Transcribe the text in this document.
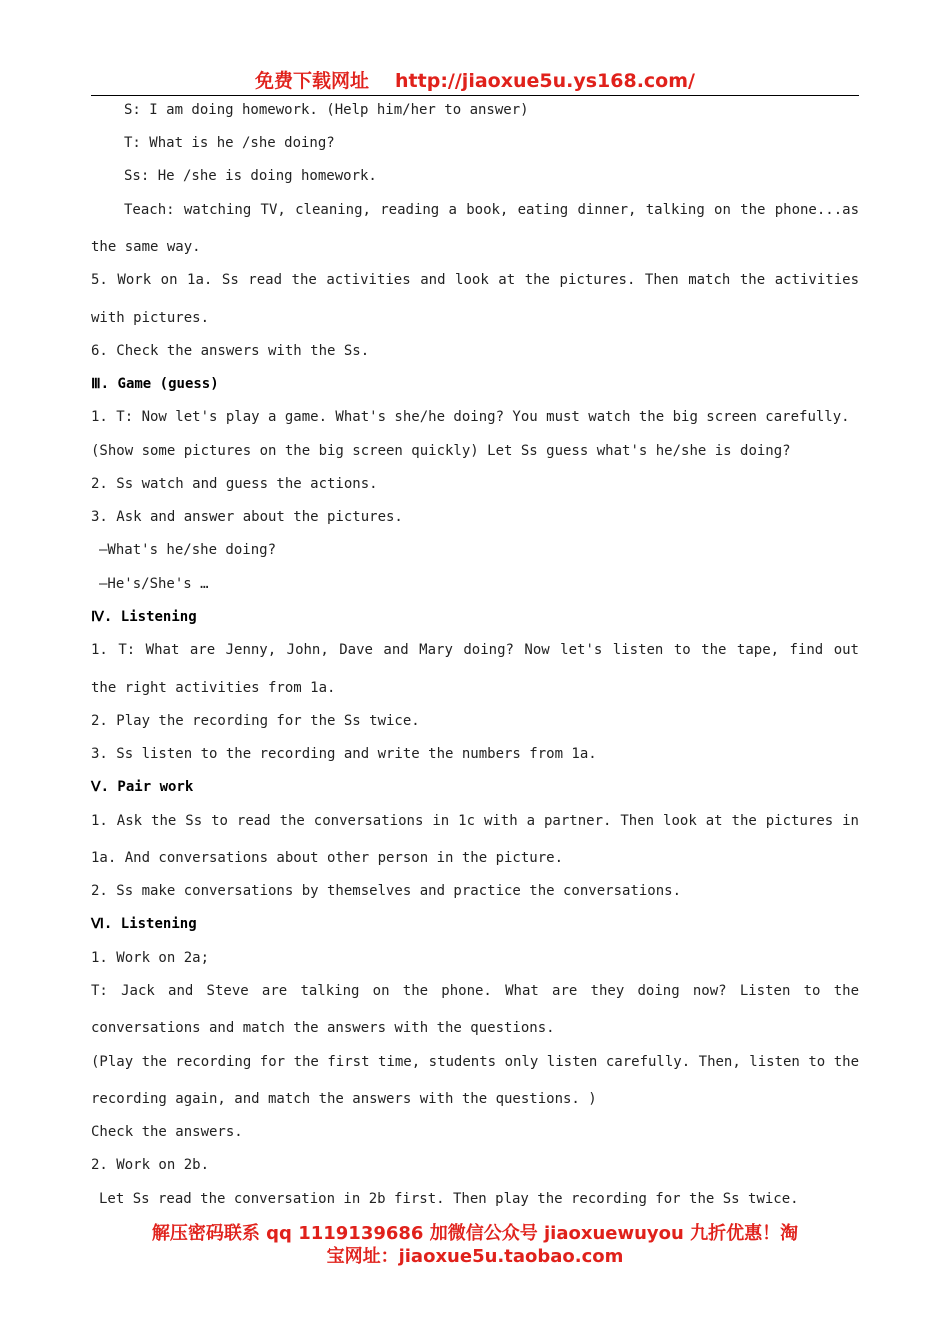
免费下载网址 http://jiaoxue5u.ys168.com/
S: I am doing homework. (Help him/her to answer)
T: What is he /she doing?
Ss: He /she is doing homework.
Teach: watching TV, cleaning, reading a book, eating dinner, talking on the phone...as
the same way.
5. Work on 1a. Ss read the activities and look at the pictures. Then match the activities
with pictures.
6. Check the answers with the Ss.
Ⅲ. Game (guess)
1. T: Now let's play a game. What's she/he doing? You must watch the big screen carefully.
(Show some pictures on the big screen quickly) Let Ss guess what's he/she is doing?
2. Ss watch and guess the actions.
3. Ask and answer about the pictures.
—What's he/she doing?
—He's/She's …
Ⅳ. Listening
1. T: What are Jenny, John, Dave and Mary doing? Now let's listen to the tape, find out
the right activities from 1a.
2. Play the recording for the Ss twice.
3. Ss listen to the recording and write the numbers from 1a.
Ⅴ. Pair work
1. Ask the Ss to read the conversations in 1c with a partner. Then look at the pictures in
1a. And conversations about other person in the picture.
2. Ss make conversations by themselves and practice the conversations.
Ⅵ. Listening
1. Work on 2a;
T: Jack and Steve are talking on the phone. What are they doing now? Listen to the
conversations and match the answers with the questions.
(Play the recording for the first time, students only listen carefully. Then, listen to the
recording again, and match the answers with the questions. )
Check the answers.
2. Work on 2b.
Let Ss read the conversation in 2b first. Then play the recording for the Ss twice.
解压密码联系 qq 1119139686 加微信公众号 jiaoxuewuyou 九折优惠！淘
宝网址：jiaoxue5u.taobao.com
